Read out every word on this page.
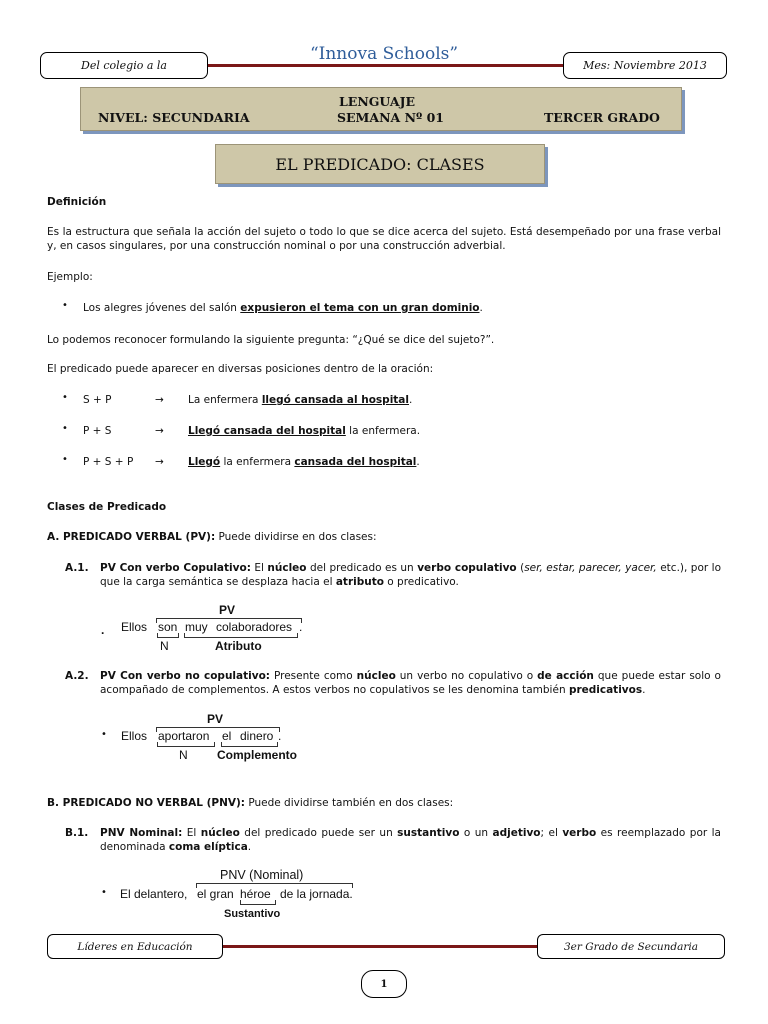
“Innova Schools”
Del colegio a la	Mes: Noviembre 2013
LENGUAJE
NIVEL: SECUNDARIA	SEMANA Nº 01	TERCER GRADO
EL PREDICADO: CLASES
Definición
Es la estructura que señala la acción del sujeto o todo lo que se dice acerca del sujeto. Está desempeñado por una frase verbal y, en casos singulares, por una construcción nominal o por una construcción adverbial.
Ejemplo:
• Los alegres jóvenes del salón expusieron el tema con un gran dominio.
Lo podemos reconocer formulando la siguiente pregunta: “¿Qué se dice del sujeto?”.
El predicado puede aparecer en diversas posiciones dentro de la oración:
• S + P	→ La enfermera llegó cansada al hospital.
• P + S	→ Llegó cansada del hospital la enfermera.
• P + S + P → Llegó la enfermera cansada del hospital.
Clases de Predicado
A. PREDICADO VERBAL (PV): Puede dividirse en dos clases:
A.1. PV Con verbo Copulativo: El núcleo del predicado es un verbo copulativo (ser, estar, parecer, yacer, etc.), por lo que la carga semántica se desplaza hacia el atributo o predicativo.
PV
. Ellos son muy colaboradores .
N	Atributo
A.2. PV Con verbo no copulativo: Presente como núcleo un verbo no copulativo o de acción que puede estar solo o acompañado de complementos. A estos verbos no copulativos se les denomina también predicativos.
PV
• Ellos aportaron el dinero .
N Complemento
B. PREDICADO NO VERBAL (PNV): Puede dividirse también en dos clases:
B.1. PNV Nominal: El núcleo del predicado puede ser un sustantivo o un adjetivo; el verbo es reemplazado por la denominada coma elíptica.
PNV (Nominal)
• El delantero, el gran héroe de la jornada.
Sustantivo
Líderes en Educación	3er Grado de Secundaria
1
